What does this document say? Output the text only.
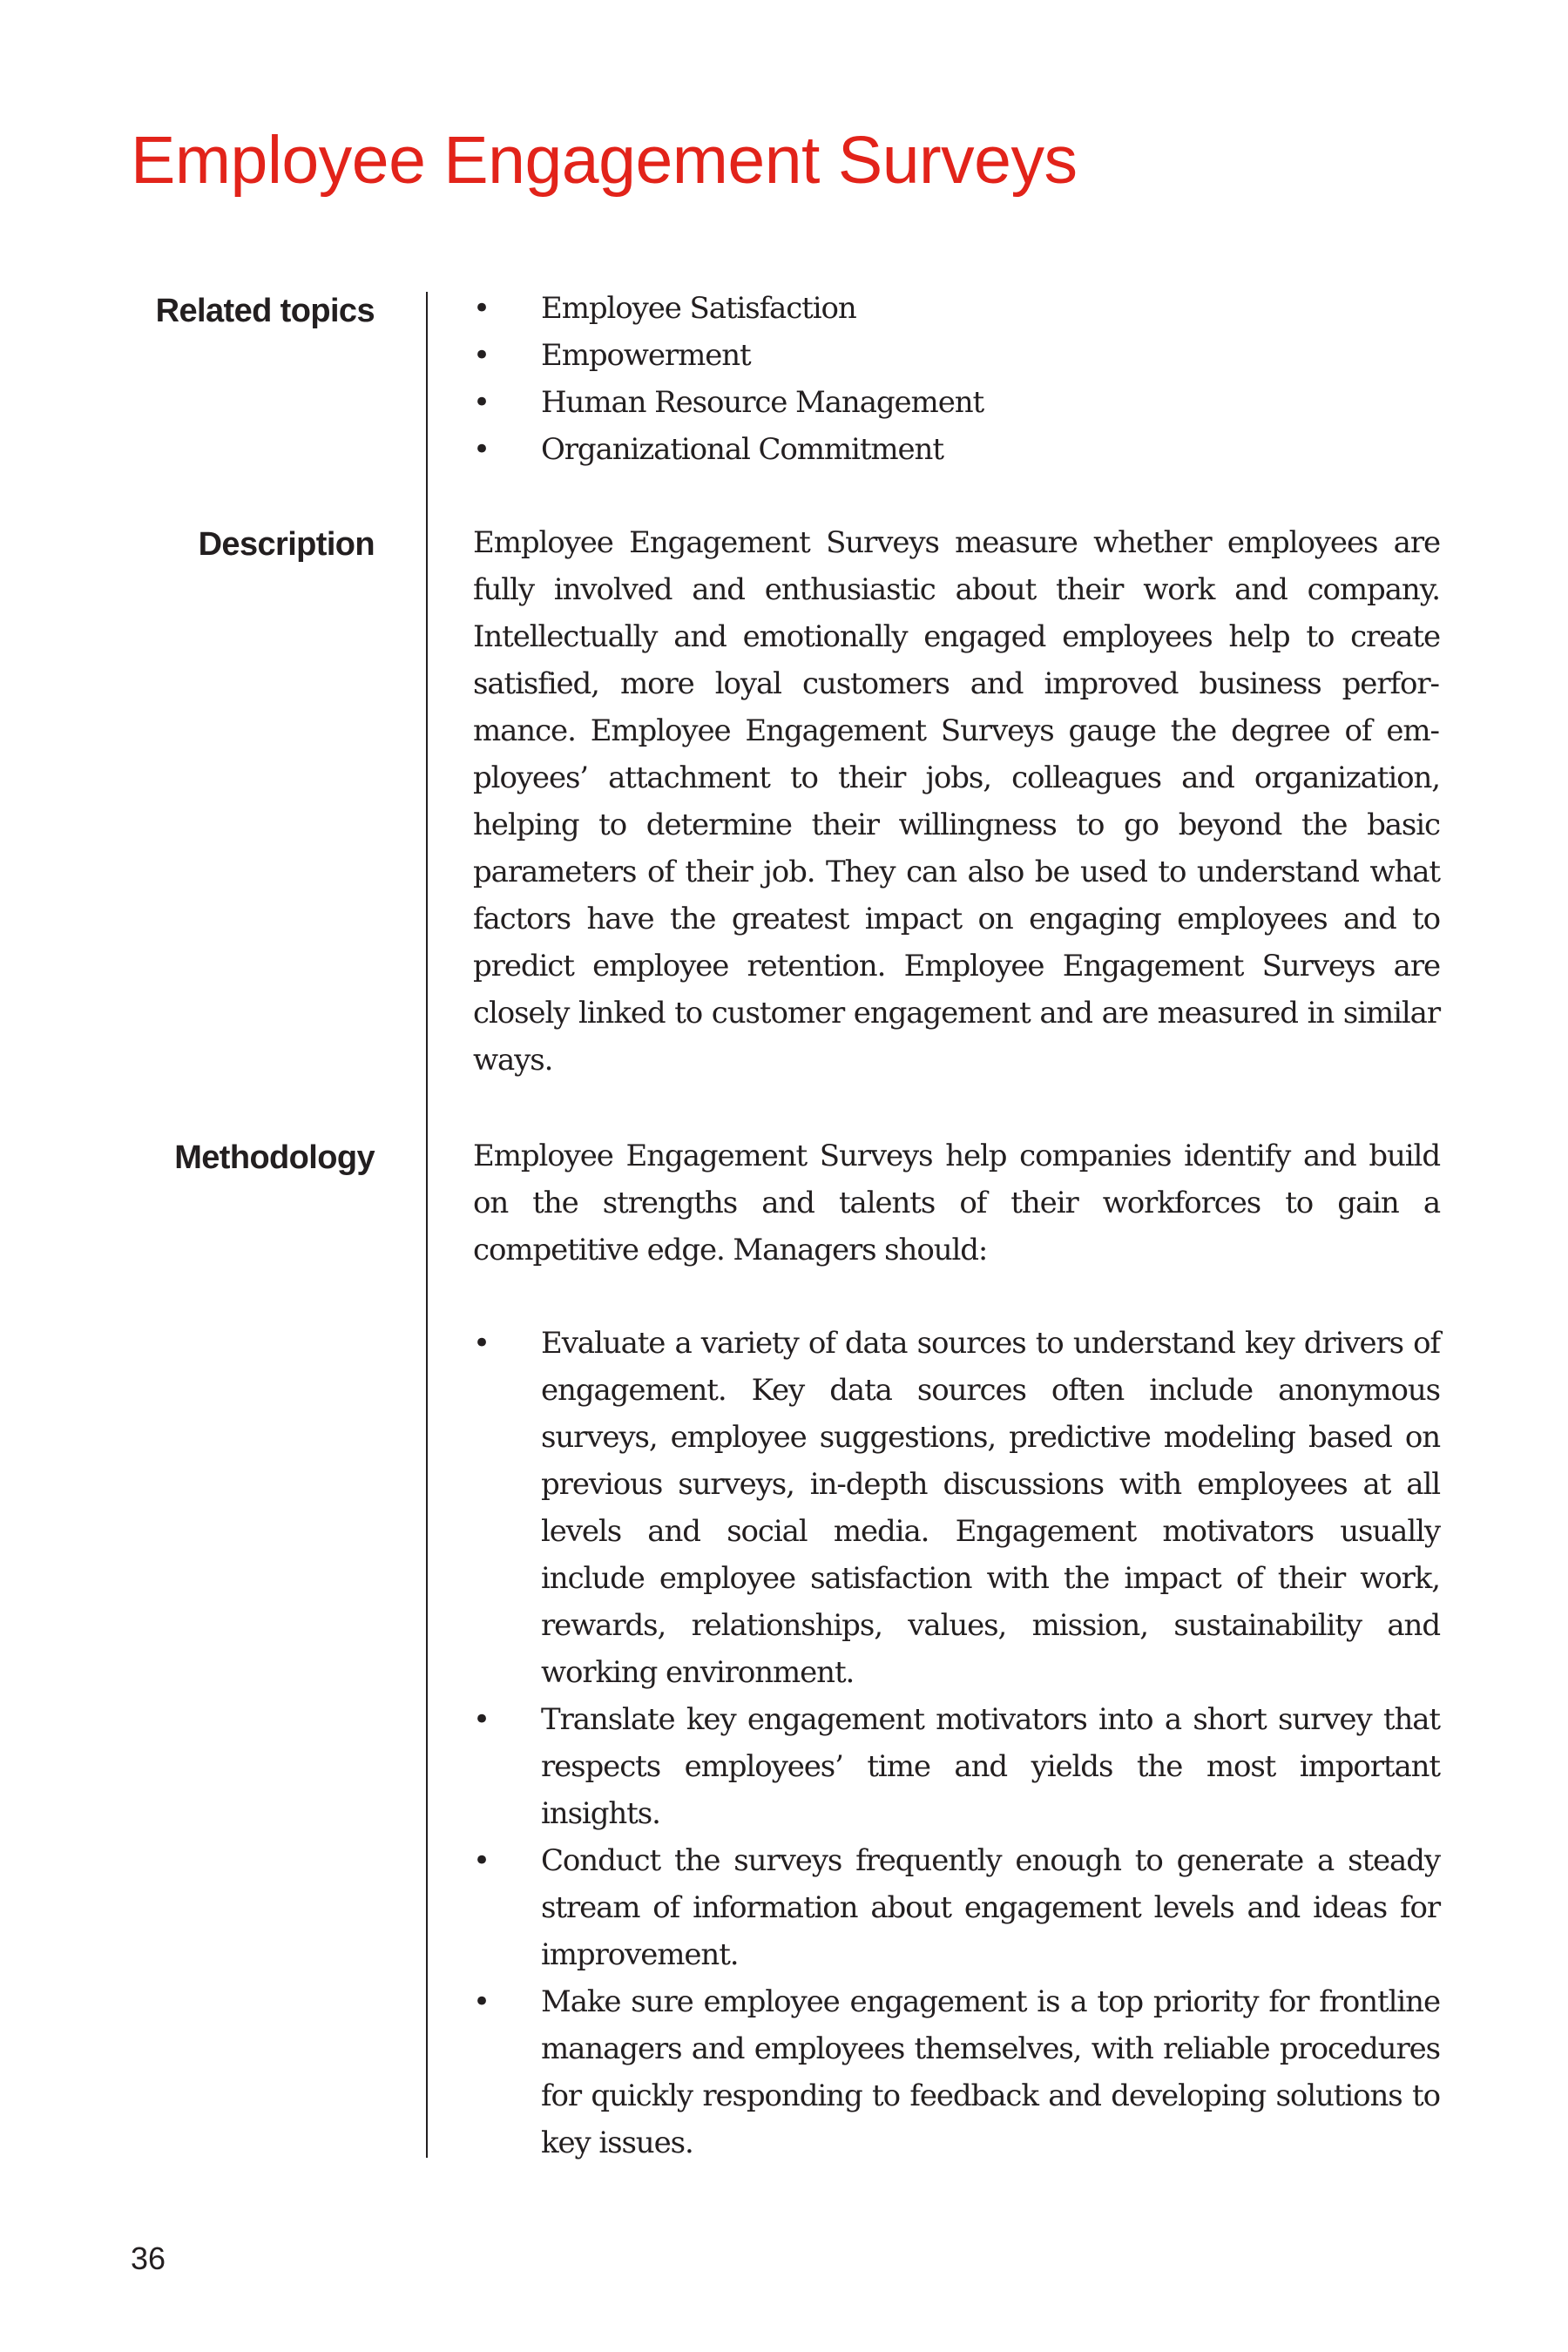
Employee Engagement Surveys
Related topics	• Employee Satisfaction
• Empowerment
• Human Resource Management
• Organizational Commitment
Description	Employee Engagement Surveys measure whether employees are fully involved and enthusiastic about their work and company. Intellectually and emotionally engaged employees help to create satisfied, more loyal customers and improved business performance. Employee Engagement Surveys gauge the degree of employees’ attachment to their jobs, colleagues and organization, helping to determine their willingness to go beyond the basic parameters of their job. They can also be used to understand what factors have the greatest impact on engaging employees and to predict employee retention. Employee Engagement Surveys are closely linked to customer engagement and are measured in similar ways.

Methodology	Employee Engagement Surveys help companies identify and build on the strengths and talents of their workforces to gain a competitive edge. Managers should:

• Evaluate a variety of data sources to understand key drivers of engagement. Key data sources often include anonymous surveys, employee suggestions, predictive modeling based on previous surveys, in-depth discussions with employees at all levels and social media. Engagement motivators usually include employee satisfaction with the impact of their work, rewards, relationships, values, mission, sustainability and working environment.
• Translate key engagement motivators into a short survey that respects employees’ time and yields the most important insights.
• Conduct the surveys frequently enough to generate a steady stream of information about engagement levels and ideas for improvement.
• Make sure employee engagement is a top priority for frontline managers and employees themselves, with reliable procedures for quickly responding to feedback and developing solutions to key issues.
36
